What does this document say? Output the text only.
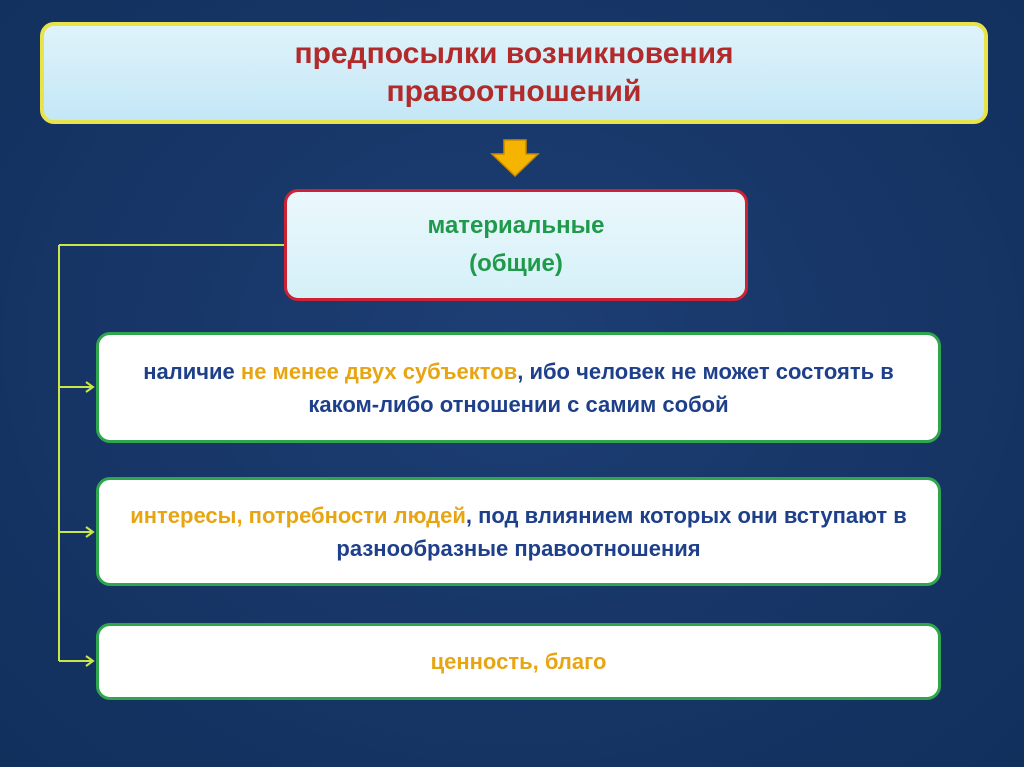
предпосылки возникновения правоотношений
материальные
(общие)
наличие не менее двух субъектов, ибо человек не может состоять в каком-либо отношении с самим собой
интересы, потребности людей, под влиянием которых они вступают в разнообразные правоотношения
ценность, благо
